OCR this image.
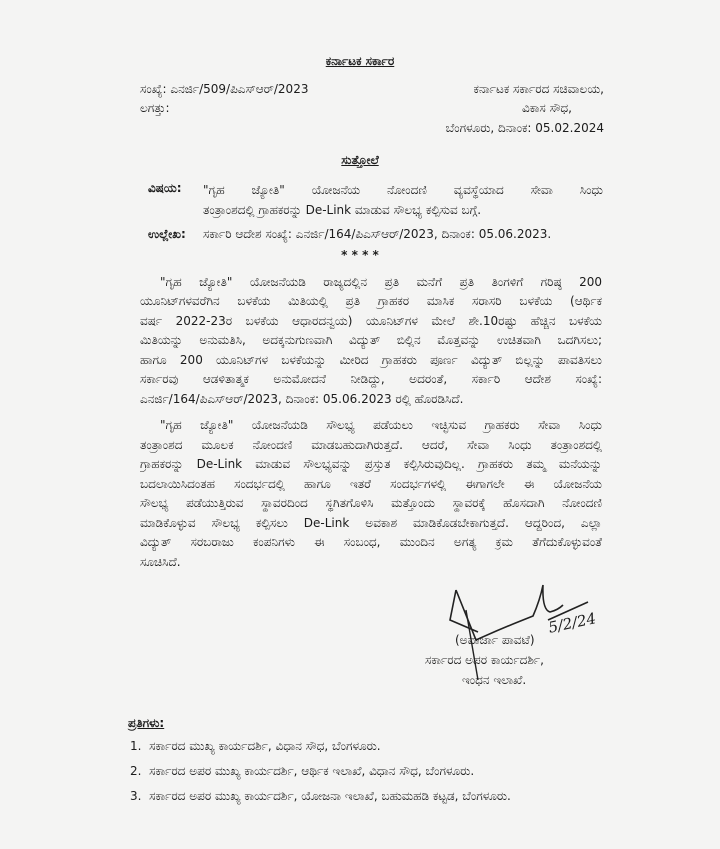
ಕರ್ನಾಟಕ ಸರ್ಕಾರ
ಸಂಖ್ಯೆ: ಎನರ್ಜಿ/509/ಪಿಎಸ್‌ಆರ್/2023
ಲಗತ್ತು:
ಕರ್ನಾಟಕ ಸರ್ಕಾರದ ಸಚಿವಾಲಯ,
ವಿಕಾಸ ಸೌಧ,
ಬೆಂಗಳೂರು, ದಿನಾಂಕ: 05.02.2024
ಸುತ್ತೋಲೆ
ವಿಷಯ: "ಗೃಹ ಜ್ಯೋತಿ" ಯೋಜನೆಯ ನೋಂದಣಿ ವ್ಯವಸ್ಥೆಯಾದ ಸೇವಾ ಸಿಂಧು
ತಂತ್ರಾಂಶದಲ್ಲಿ ಗ್ರಾಹಕರನ್ನು De-Link ಮಾಡುವ ಸೌಲಭ್ಯ ಕಲ್ಪಿಸುವ ಬಗ್ಗೆ.
ಉಲ್ಲೇಖ: ಸರ್ಕಾರಿ ಆದೇಶ ಸಂಖ್ಯೆ: ಎನರ್ಜಿ/164/ಪಿಎಸ್‌ಆರ್/2023, ದಿನಾಂಕ: 05.06.2023.
* * * *
"ಗೃಹ ಜ್ಯೋತಿ" ಯೋಜನೆಯಡಿ ರಾಜ್ಯದಲ್ಲಿನ ಪ್ರತಿ ಮನೆಗೆ ಪ್ರತಿ ತಿಂಗಳಿಗೆ ಗರಿಷ್ಠ 200
ಯೂನಿಟ್‌ಗಳವರೆಗಿನ ಬಳಕೆಯ ಮಿತಿಯಲ್ಲಿ ಪ್ರತಿ ಗ್ರಾಹಕರ ಮಾಸಿಕ ಸರಾಸರಿ ಬಳಕೆಯ (ಆರ್ಥಿಕ
ವರ್ಷ 2022-23ರ ಬಳಕೆಯ ಆಧಾರದನ್ವಯ) ಯೂನಿಟ್‌ಗಳ ಮೇಲೆ ಶೇ.10ರಷ್ಟು ಹೆಚ್ಚಿನ ಬಳಕೆಯ
ಮಿತಿಯನ್ನು ಅನುಮತಿಸಿ, ಅದಕ್ಕನುಗುಣವಾಗಿ ವಿದ್ಯುತ್ ಬಿಲ್ಲಿನ ಮೊತ್ತವನ್ನು ಉಚಿತವಾಗಿ ಒದಗಿಸಲು;
ಹಾಗೂ 200 ಯೂನಿಟ್‌ಗಳ ಬಳಕೆಯನ್ನು ಮೀರಿದ ಗ್ರಾಹಕರು ಪೂರ್ಣ ವಿದ್ಯುತ್ ಬಿಲ್ಲನ್ನು ಪಾವತಿಸಲು
ಸರ್ಕಾರವು ಆಡಳಿತಾತ್ಮಕ ಅನುಮೋದನೆ ನೀಡಿದ್ದು, ಅದರಂತೆ, ಸರ್ಕಾರಿ ಆದೇಶ ಸಂಖ್ಯೆ:
ಎನರ್ಜಿ/164/ಪಿಎಸ್‌ಆರ್/2023, ದಿನಾಂಕ: 05.06.2023 ರಲ್ಲಿ ಹೊರಡಿಸಿದೆ.
"ಗೃಹ ಜ್ಯೋತಿ" ಯೋಜನೆಯಡಿ ಸೌಲಭ್ಯ ಪಡೆಯಲು ಇಚ್ಛಿಸುವ ಗ್ರಾಹಕರು ಸೇವಾ ಸಿಂಧು
ತಂತ್ರಾಂಶದ ಮೂಲಕ ನೋಂದಣಿ ಮಾಡಬಹುದಾಗಿರುತ್ತದೆ. ಆದರೆ, ಸೇವಾ ಸಿಂಧು ತಂತ್ರಾಂಶದಲ್ಲಿ
ಗ್ರಾಹಕರನ್ನು De-Link ಮಾಡುವ ಸೌಲಭ್ಯವನ್ನು ಪ್ರಸ್ತುತ ಕಲ್ಪಿಸಿರುವುದಿಲ್ಲ. ಗ್ರಾಹಕರು ತಮ್ಮ ಮನೆಯನ್ನು
ಬದಲಾಯಿಸಿದಂತಹ ಸಂದರ್ಭದಲ್ಲಿ ಹಾಗೂ ಇತರೆ ಸಂದರ್ಭಗಳಲ್ಲಿ ಈಗಾಗಲೇ ಈ ಯೋಜನೆಯ
ಸೌಲಭ್ಯ ಪಡೆಯುತ್ತಿರುವ ಸ್ಥಾವರದಿಂದ ಸ್ಥಗಿತಗೊಳಿಸಿ ಮತ್ತೊಂದು ಸ್ಥಾವರಕ್ಕೆ ಹೊಸದಾಗಿ ನೋಂದಣಿ
ಮಾಡಿಕೊಳ್ಳುವ ಸೌಲಭ್ಯ ಕಲ್ಪಿಸಲು De-Link ಅವಕಾಶ ಮಾಡಿಕೊಡಬೇಕಾಗುತ್ತದೆ. ಆದ್ದರಿಂದ, ಎಲ್ಲಾ
ವಿದ್ಯುತ್ ಸರಬರಾಜು ಕಂಪನಿಗಳು ಈ ಸಂಬಂಧ, ಮುಂದಿನ ಅಗತ್ಯ ಕ್ರಮ ತೆಗೆದುಕೊಳ್ಳುವಂತೆ
ಸೂಚಿಸಿದೆ.
5/2/24
(ಅವಾರ್ಜಾ ಪಾವಟೆ)
ಸರ್ಕಾರದ ಅಪರ ಕಾರ್ಯದರ್ಶಿ,
ಇಂಧನ ಇಲಾಖೆ.
ಪ್ರತಿಗಳು:
1. ಸರ್ಕಾರದ ಮುಖ್ಯ ಕಾರ್ಯದರ್ಶಿ, ವಿಧಾನ ಸೌಧ, ಬೆಂಗಳೂರು.
2. ಸರ್ಕಾರದ ಅಪರ ಮುಖ್ಯ ಕಾರ್ಯದರ್ಶಿ, ಆರ್ಥಿಕ ಇಲಾಖೆ, ವಿಧಾನ ಸೌಧ, ಬೆಂಗಳೂರು.
3. ಸರ್ಕಾರದ ಅಪರ ಮುಖ್ಯ ಕಾರ್ಯದರ್ಶಿ, ಯೋಜನಾ ಇಲಾಖೆ, ಬಹುಮಹಡಿ ಕಟ್ಟಡ, ಬೆಂಗಳೂರು.
